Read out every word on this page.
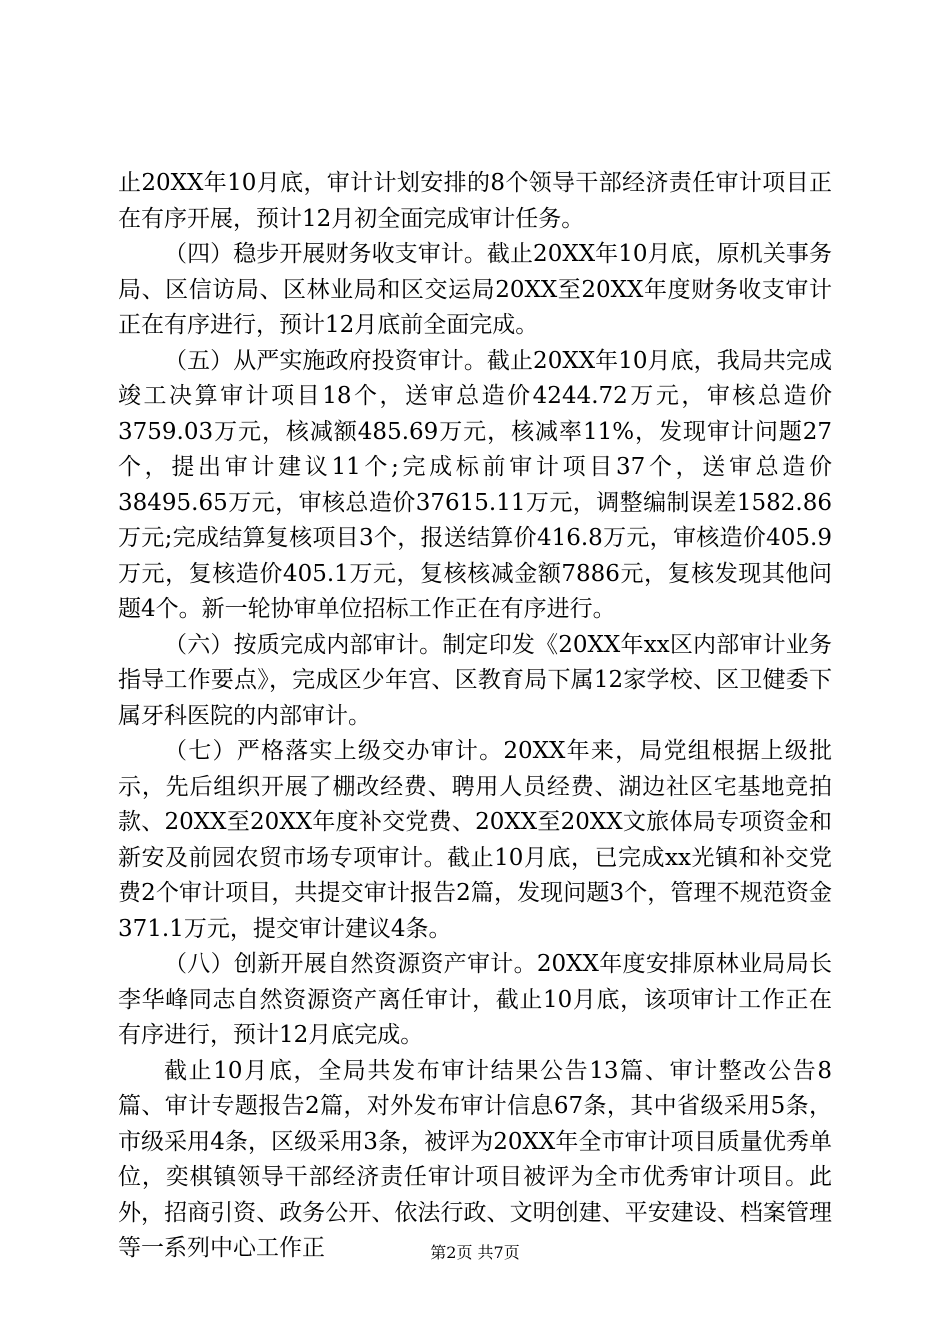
止20XX年10月底，审计计划安排的8个领导干部经济责任审计项目正在有序开展，预计12月初全面完成审计任务。

（四）稳步开展财务收支审计。截止20XX年10月底，原机关事务局、区信访局、区林业局和区交运局20XX至20XX年度财务收支审计正在有序进行，预计12月底前全面完成。

（五）从严实施政府投资审计。截止20XX年10月底，我局共完成竣工决算审计项目18个，送审总造价4244.72万元，审核总造价3759.03万元，核减额485.69万元，核减率11%，发现审计问题27个，提出审计建议11个;完成标前审计项目37个，送审总造价38495.65万元，审核总造价37615.11万元，调整编制误差1582.86万元;完成结算复核项目3个，报送结算价416.8万元，审核造价405.9万元，复核造价405.1万元，复核核减金额7886元，复核发现其他问题4个。新一轮协审单位招标工作正在有序进行。

（六）按质完成内部审计。制定印发《20XX年xx区内部审计业务指导工作要点》，完成区少年宫、区教育局下属12家学校、区卫健委下属牙科医院的内部审计。

（七）严格落实上级交办审计。20XX年来，局党组根据上级批示，先后组织开展了棚改经费、聘用人员经费、湖边社区宅基地竞拍款、20XX至20XX年度补交党费、20XX至20XX文旅体局专项资金和新安及前园农贸市场专项审计。截止10月底，已完成xx光镇和补交党费2个审计项目，共提交审计报告2篇，发现问题3个，管理不规范资金371.1万元，提交审计建议4条。

（八）创新开展自然资源资产审计。20XX年度安排原林业局局长李华峰同志自然资源资产离任审计，截止10月底，该项审计工作正在有序进行，预计12月底完成。

截止10月底，全局共发布审计结果公告13篇、审计整改公告8篇、审计专题报告2篇，对外发布审计信息67条，其中省级采用5条，市级采用4条，区级采用3条，被评为20XX年全市审计项目质量优秀单位，奕棋镇领导干部经济责任审计项目被评为全市优秀审计项目。此外，招商引资、政务公开、依法行政、文明创建、平安建设、档案管理等一系列中心工作正	第2页 共7页
